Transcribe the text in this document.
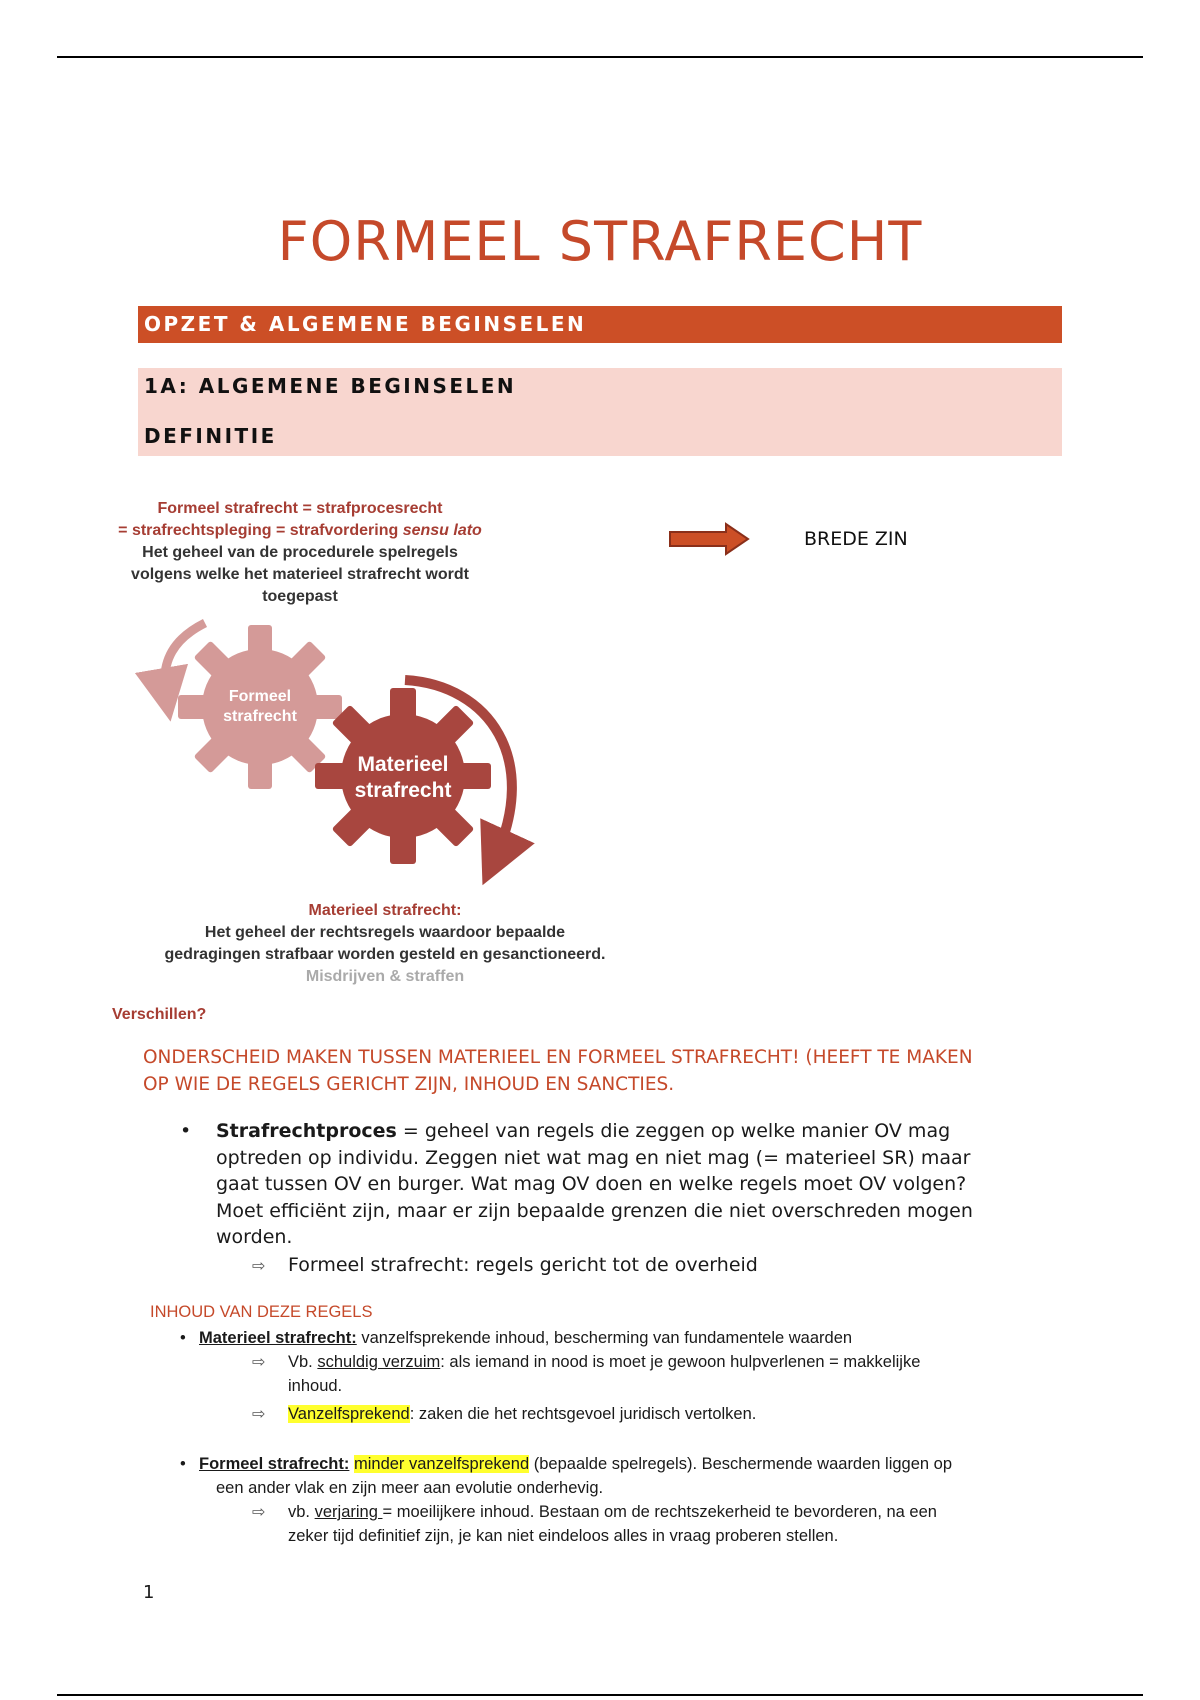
FORMEEL STRAFRECHT
OPZET & ALGEMENE BEGINSELEN
1A: ALGEMENE BEGINSELEN
DEFINITIE
Formeel strafrecht = strafprocesrecht
= strafrechtspleging = strafvordering sensu lato
Het geheel van de procedurele spelregels
volgens welke het materieel strafrecht wordt
toegepast
Formeel
strafrecht
Materieel
strafrecht
Materieel strafrecht:
Het geheel der rechtsregels waardoor bepaalde
gedragingen strafbaar worden gesteld en gesanctioneerd.
Misdrijven & straffen
BREDE ZIN
Verschillen?
ONDERSCHEID MAKEN TUSSEN MATERIEEL EN FORMEEL STRAFRECHT! (HEEFT TE MAKEN
OP WIE DE REGELS GERICHT ZIJN, INHOUD EN SANCTIES.
• Strafrechtproces = geheel van regels die zeggen op welke manier OV mag
optreden op individu. Zeggen niet wat mag en niet mag (= materieel SR) maar
gaat tussen OV en burger. Wat mag OV doen en welke regels moet OV volgen?
Moet efficiënt zijn, maar er zijn bepaalde grenzen die niet overschreden mogen
worden.
⇨ Formeel strafrecht: regels gericht tot de overheid
INHOUD VAN DEZE REGELS
• Materieel strafrecht: vanzelfsprekende inhoud, bescherming van fundamentele waarden
⇨ Vb. schuldig verzuim: als iemand in nood is moet je gewoon hulpverlenen = makkelijke
inhoud.
⇨ Vanzelfsprekend: zaken die het rechtsgevoel juridisch vertolken.
• Formeel strafrecht: minder vanzelfsprekend (bepaalde spelregels). Beschermende waarden liggen op
een ander vlak en zijn meer aan evolutie onderhevig.
⇨ vb. verjaring = moeilijkere inhoud. Bestaan om de rechtszekerheid te bevorderen, na een
zeker tijd definitief zijn, je kan niet eindeloos alles in vraag proberen stellen.
1
